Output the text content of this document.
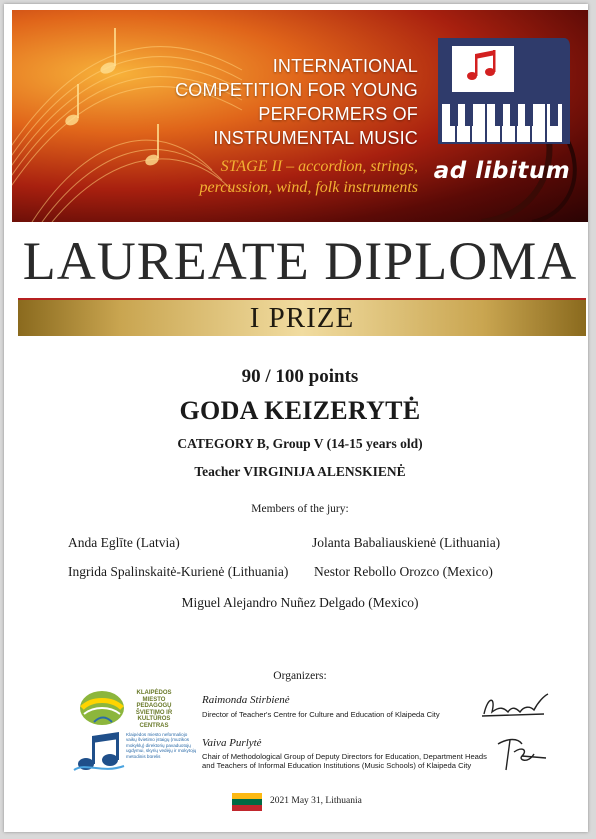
INTERNATIONAL
COMPETITION FOR YOUNG
PERFORMERS OF
INSTRUMENTAL MUSIC
STAGE II – accordion, strings,
percussion, wind, folk instruments
ad libitum
LAUREATE DIPLOMA
I PRIZE
90 / 100 points
GODA KEIZERYTĖ
CATEGORY B, Group V (14-15 years old)
Teacher VIRGINIJA ALENSKIENĖ
Members of the jury:
Anda Eglīte (Latvia)	Jolanta Babaliauskienė (Lithuania)
Ingrida Spalinskaitė-Kurienė (Lithuania) Nestor Rebollo Orozco (Mexico)
Miguel Alejandro Nuñez Delgado (Mexico)
Organizers:
KLAIPĖDOS MIESTO PEDAGOGŲ ŠVIETIMO IR KULTŪROS CENTRAS
Klaipėdos miesto neformaliojo vaikų švietimo įstaigų (muzikos mokyklų) direktorių pavaduotojų ugdymui, skyrių vedėjų ir mokytojų metodinis būrelis
Raimonda Stirbienė
Director of Teacher's Centre for Culture and Education of Klaipeda City
Vaiva Purlytė
Chair of Methodological Group of Deputy Directors for Education, Department Heads and Teachers of Informal Education Institutions (Music Schools) of Klaipeda City
2021 May 31, Lithuania
